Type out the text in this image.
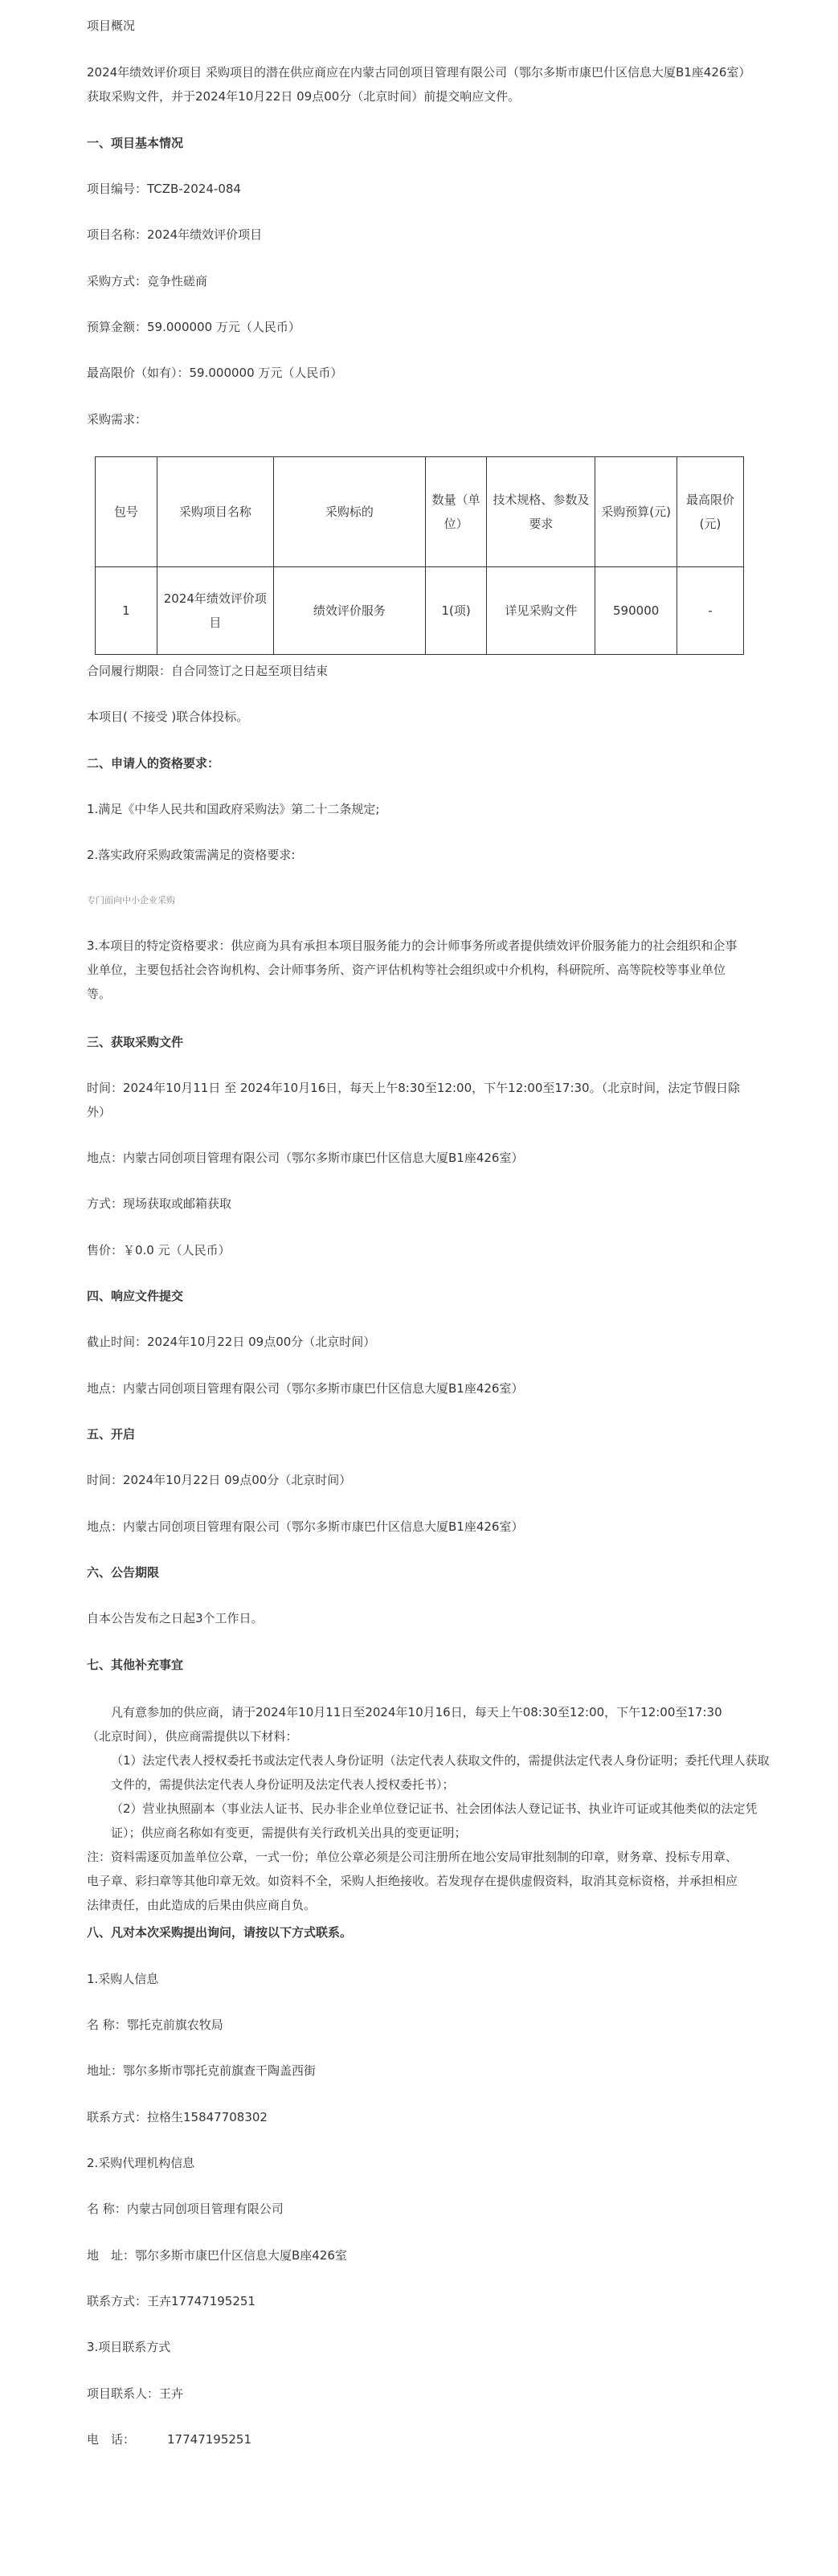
项目概况

2024年绩效评价项目 采购项目的潜在供应商应在内蒙古同创项目管理有限公司（鄂尔多斯市康巴什区信息大厦B1座426室）获取采购文件，并于2024年10月22日 09点00分（北京时间）前提交响应文件。

一、项目基本情况

项目编号：TCZB-2024-084

项目名称：2024年绩效评价项目

采购方式：竞争性磋商

预算金额：59.000000 万元（人民币）

最高限价（如有）：59.000000 万元（人民币）

采购需求：

包号	采购项目名称	采购标的	数量（单位）	技术规格、参数及要求	采购预算(元)	最高限价(元)
1	2024年绩效评价项目	绩效评价服务	1(项)	详见采购文件	590000	-

合同履行期限：自合同签订之日起至项目结束

本项目( 不接受 )联合体投标。

二、申请人的资格要求：

1.满足《中华人民共和国政府采购法》第二十二条规定;

2.落实政府采购政策需满足的资格要求:

专门面向中小企业采购

3.本项目的特定资格要求：供应商为具有承担本项目服务能力的会计师事务所或者提供绩效评价服务能力的社会组织和企事业单位，主要包括社会咨询机构、会计师事务所、资产评估机构等社会组织或中介机构，科研院所、高等院校等事业单位等。

三、获取采购文件

时间：2024年10月11日 至 2024年10月16日，每天上午8:30至12:00，下午12:00至17:30。（北京时间，法定节假日除外）

地点：内蒙古同创项目管理有限公司（鄂尔多斯市康巴什区信息大厦B1座426室）

方式：现场获取或邮箱获取

售价：￥0.0 元（人民币）

四、响应文件提交

截止时间：2024年10月22日 09点00分（北京时间）

地点：内蒙古同创项目管理有限公司（鄂尔多斯市康巴什区信息大厦B1座426室）

五、开启

时间：2024年10月22日 09点00分（北京时间）

地点：内蒙古同创项目管理有限公司（鄂尔多斯市康巴什区信息大厦B1座426室）

六、公告期限

自本公告发布之日起3个工作日。

七、其他补充事宜

凡有意参加的供应商，请于2024年10月11日至2024年10月16日，每天上午08:30至12:00，下午12:00至17:30（北京时间），供应商需提供以下材料：

（1）法定代表人授权委托书或法定代表人身份证明（法定代表人获取文件的，需提供法定代表人身份证明；委托代理人获取文件的，需提供法定代表人身份证明及法定代表人授权委托书）；

（2）营业执照副本（事业法人证书、民办非企业单位登记证书、社会团体法人登记证书、执业许可证或其他类似的法定凭证）；供应商名称如有变更，需提供有关行政机关出具的变更证明；

注：资料需逐页加盖单位公章，一式一份；单位公章必须是公司注册所在地公安局审批刻制的印章，财务章、投标专用章、电子章、彩扫章等其他印章无效。如资料不全，采购人拒绝接收。若发现存在提供虚假资料，取消其竞标资格，并承担相应法律责任，由此造成的后果由供应商自负。

八、凡对本次采购提出询问，请按以下方式联系。

1.采购人信息

名 称：鄂托克前旗农牧局

地址：鄂尔多斯市鄂托克前旗查干陶盖西街

联系方式：拉格生15847708302

2.采购代理机构信息

名 称：内蒙古同创项目管理有限公司

地　址：鄂尔多斯市康巴什区信息大厦B座426室

联系方式：王卉17747195251

3.项目联系方式

项目联系人：王卉

电　话：	17747195251
